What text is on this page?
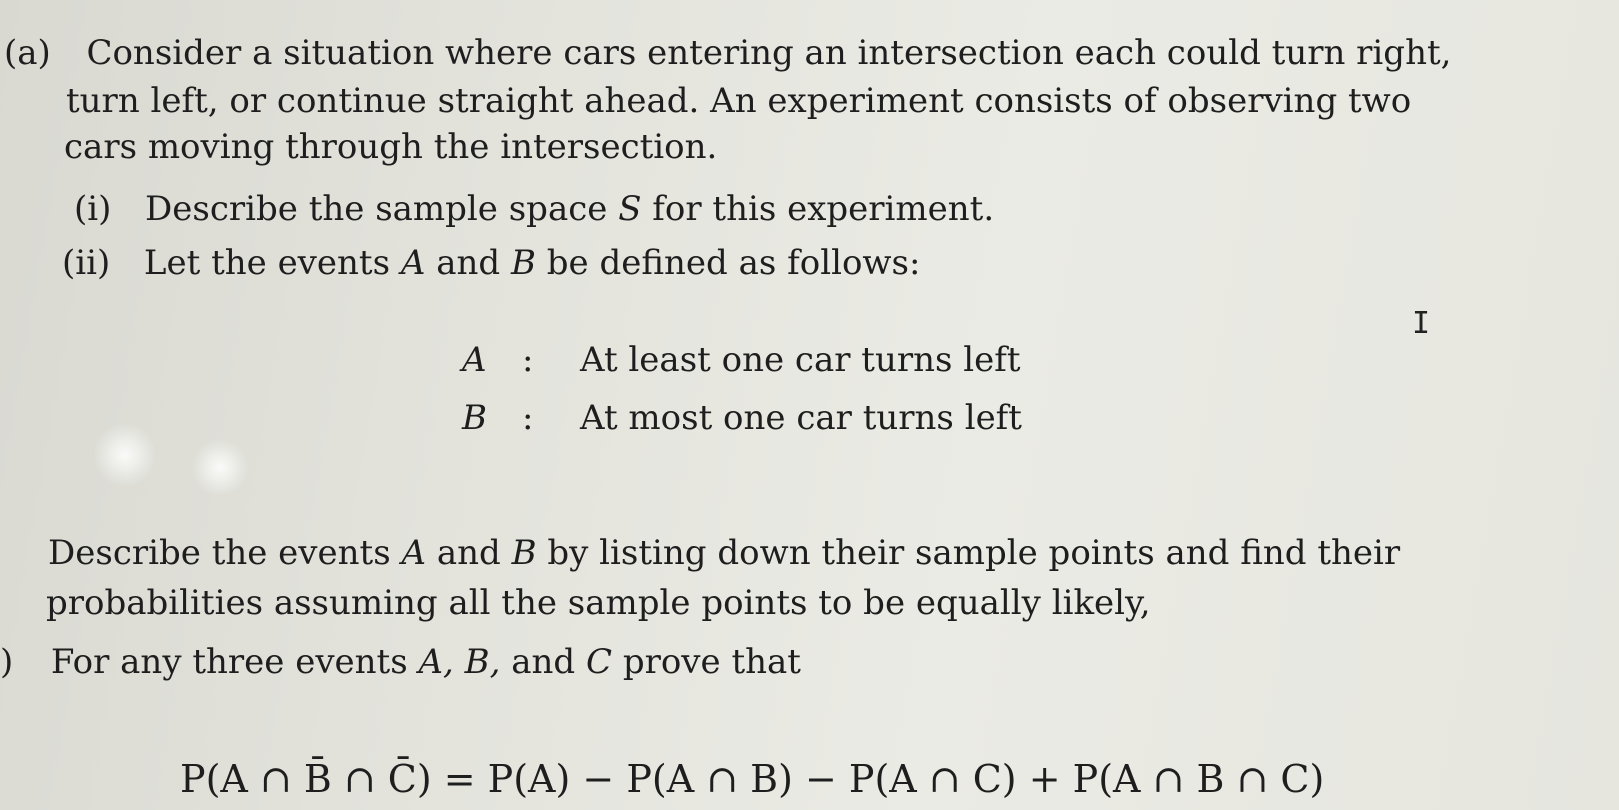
(a) Consider a situation where cars entering an intersection each could turn right,
turn left, or continue straight ahead. An experiment consists of observing two
cars moving through the intersection.
(i) Describe the sample space S for this experiment.
(ii) Let the events A and B be defined as follows:
I
A : At least one car turns left
B : At most one car turns left
Describe the events A and B by listing down their sample points and find their
probabilities assuming all the sample points to be equally likely,
) For any three events A, B, and C prove that
P(A ∩ B̄ ∩ C̄) = P(A) − P(A ∩ B) − P(A ∩ C) + P(A ∩ B ∩ C)
